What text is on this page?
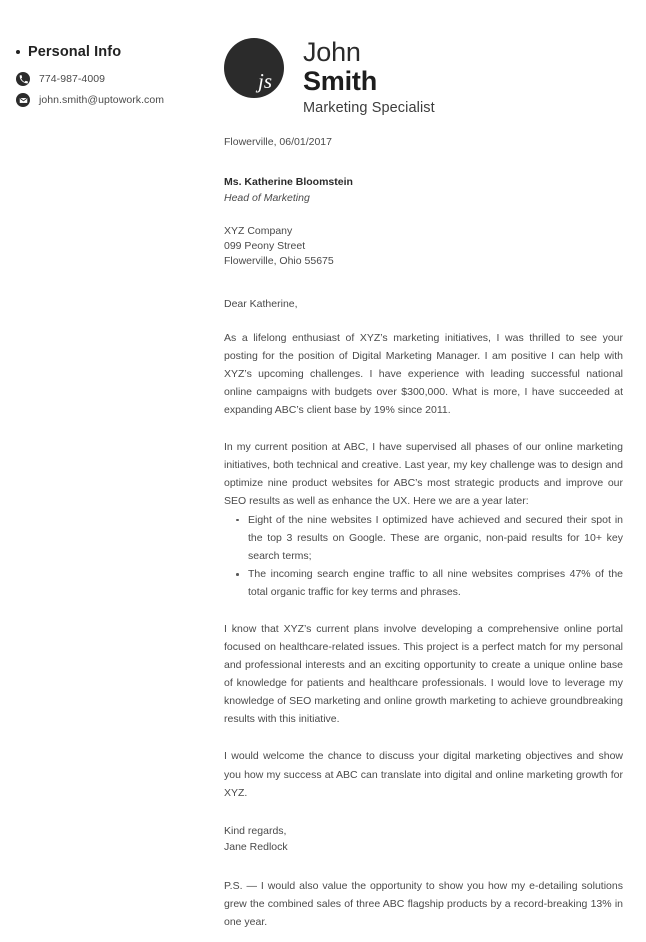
Personal Info
774-987-4009
john.smith@uptowork.com
js
John
Smith
Marketing Specialist
Flowerville, 06/01/2017
Ms. Katherine Bloomstein
Head of Marketing
XYZ Company
099 Peony Street
Flowerville, Ohio 55675
Dear Katherine,

As a lifelong enthusiast of XYZ’s marketing initiatives, I was thrilled to see your posting for the position of Digital Marketing Manager. I am positive I can help with XYZ’s upcoming challenges. I have experience with leading successful national online campaigns with budgets over $300,000. What is more, I have succeeded at expanding ABC’s client base by 19% since 2011.

In my current position at ABC, I have supervised all phases of our online marketing initiatives, both technical and creative. Last year, my key challenge was to design and optimize nine product websites for ABC’s most strategic products and improve our SEO results as well as enhance the UX. Here we are a year later:

Eight of the nine websites I optimized have achieved and secured their spot in the top 3 results on Google. These are organic, non-paid results for 10+ key search terms;
The incoming search engine traffic to all nine websites comprises 47% of the total organic traffic for key terms and phrases.

I know that XYZ’s current plans involve developing a comprehensive online portal focused on healthcare-related issues. This project is a perfect match for my personal and professional interests and an exciting opportunity to create a unique online base of knowledge for patients and healthcare professionals. I would love to leverage my knowledge of SEO marketing and online growth marketing to achieve groundbreaking results with this initiative.

I would welcome the chance to discuss your digital marketing objectives and show you how my success at ABC can translate into digital and online marketing growth for XYZ.

Kind regards,
Jane Redlock

P.S. — I would also value the opportunity to show you how my e-detailing solutions grew the combined sales of three ABC flagship products by a record-breaking 13% in one year.
